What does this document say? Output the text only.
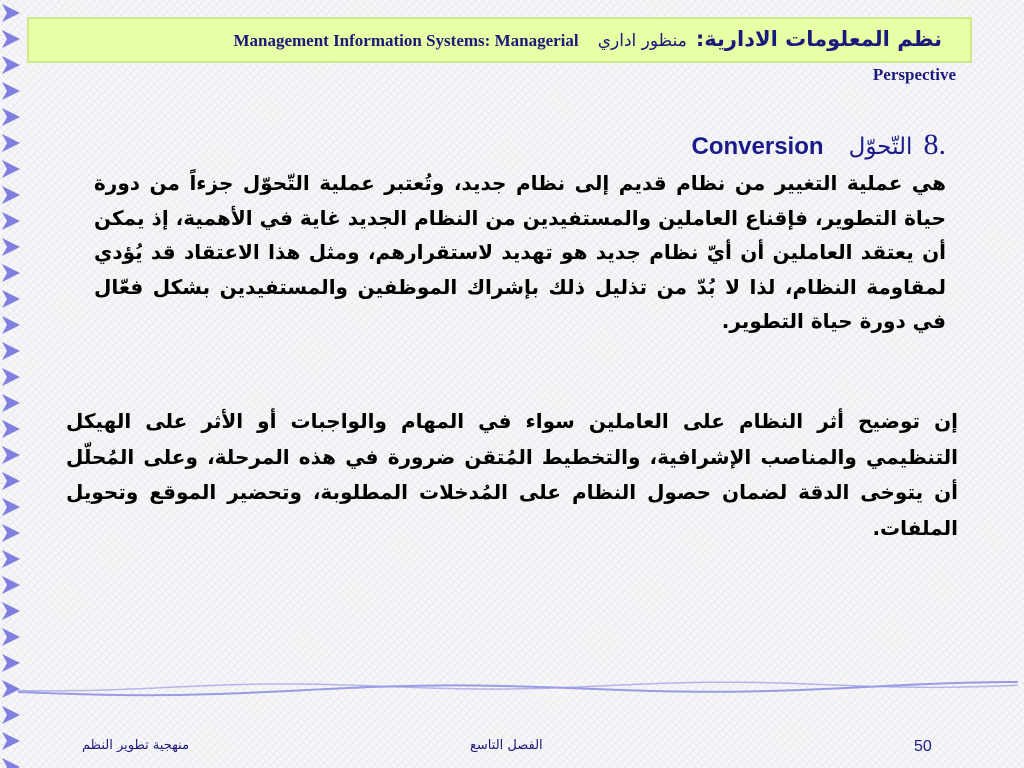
نظم المعلومات الادارية: منظور اداري Management Information Systems: Managerial
Perspective
.8 التّحوّل Conversion
هي عملية التغيير من نظام قديم إلى نظام جديد، وتُعتبر عملية التّحوّل جزءاً من دورة حياة التطوير، فإقناع العاملين والمستفيدين من النظام الجديد غاية في الأهمية، إذ يمكن أن يعتقد العاملين أن أيّ نظام جديد هو تهديد لاستقرارهم، ومثل هذا الاعتقاد قد يُؤدي لمقاومة النظام، لذا لا بُدّ من تذليل ذلك بإشراك الموظفين والمستفيدين بشكل فعّال في دورة حياة التطوير.
إن توضيح أثر النظام على العاملين سواء في المهام والواجبات أو الأثر على الهيكل التنظيمي والمناصب الإشرافية، والتخطيط المُتقن ضرورة في هذه المرحلة، وعلى المُحلّل أن يتوخى الدقة لضمان حصول النظام على المُدخلات المطلوبة، وتحضير الموقع وتحويل الملفات.
منهجية تطوير النظم	الفصل التاسع	50
